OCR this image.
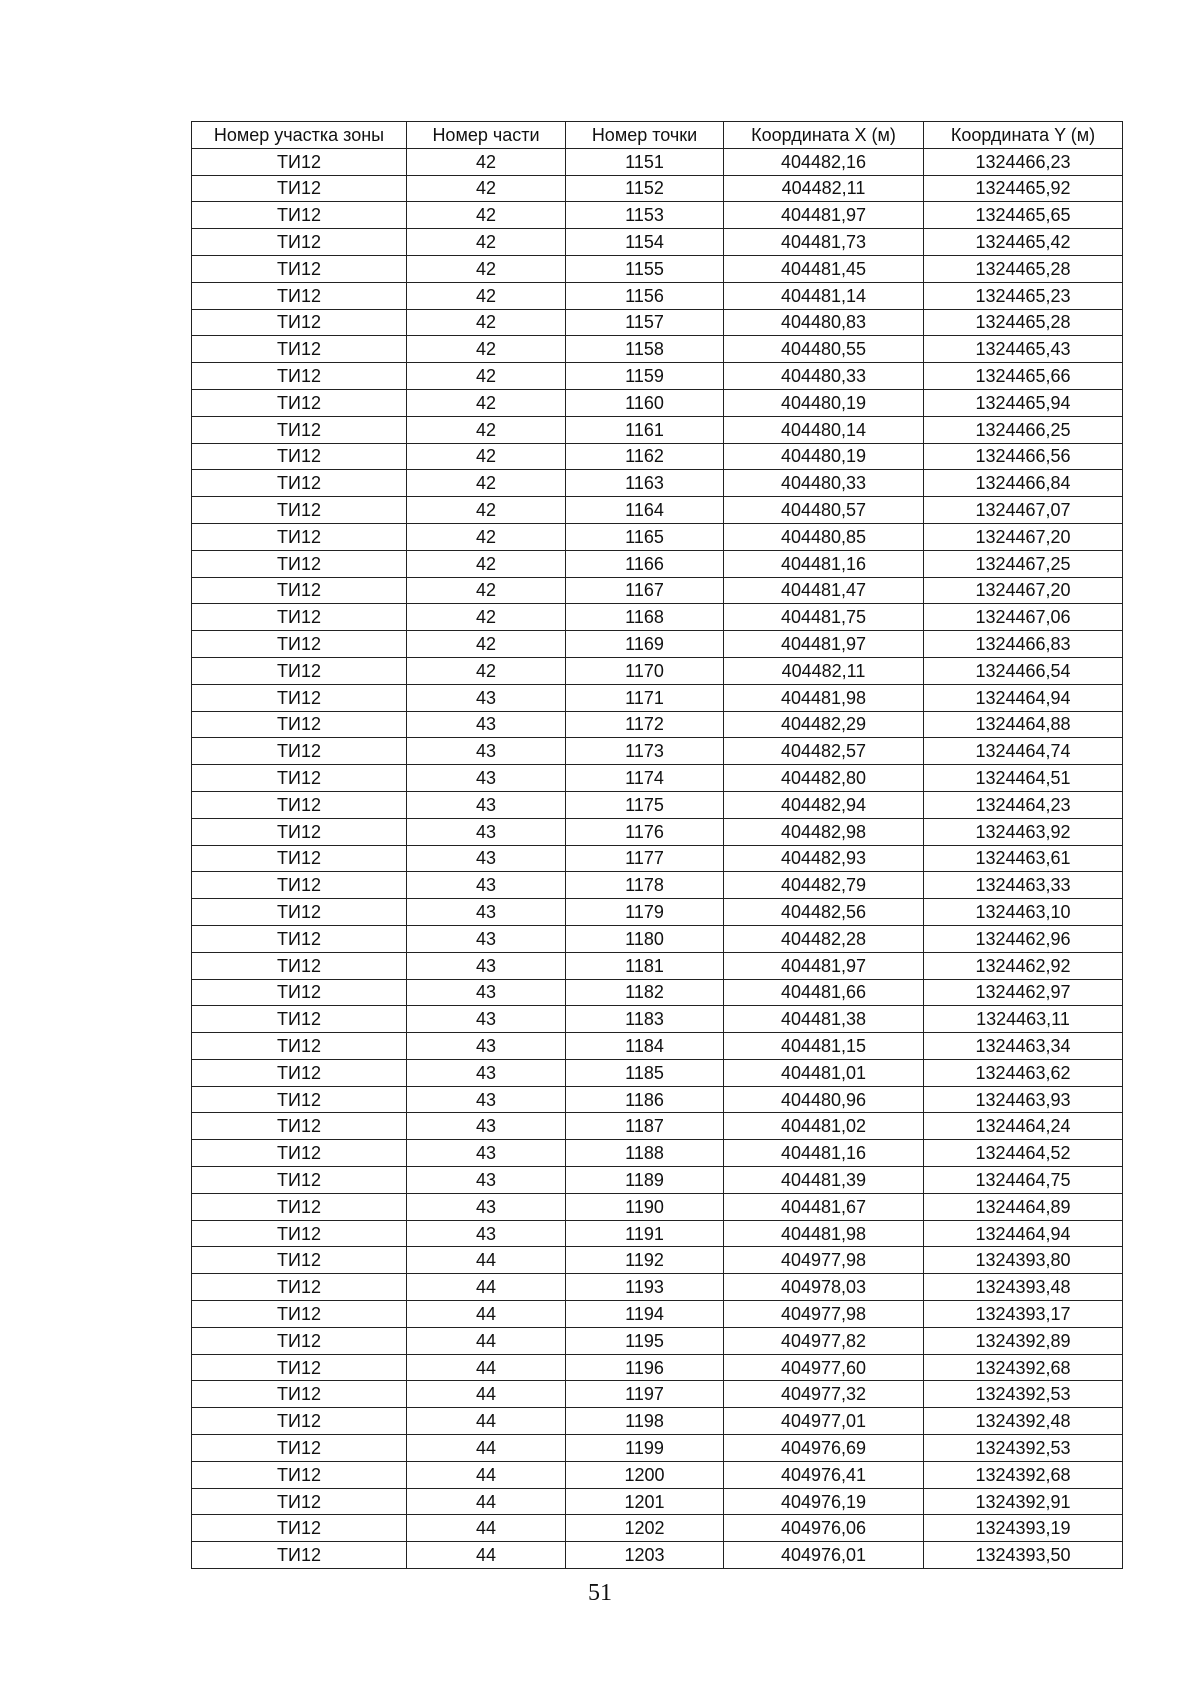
Номер участка зоны	Номер части	Номер точки	Координата X (м)	Координата Y (м)
ТИ12	42	1151	404482,16	1324466,23
ТИ12	42	1152	404482,11	1324465,92
ТИ12	42	1153	404481,97	1324465,65
ТИ12	42	1154	404481,73	1324465,42
ТИ12	42	1155	404481,45	1324465,28
ТИ12	42	1156	404481,14	1324465,23
ТИ12	42	1157	404480,83	1324465,28
ТИ12	42	1158	404480,55	1324465,43
ТИ12	42	1159	404480,33	1324465,66
ТИ12	42	1160	404480,19	1324465,94
ТИ12	42	1161	404480,14	1324466,25
ТИ12	42	1162	404480,19	1324466,56
ТИ12	42	1163	404480,33	1324466,84
ТИ12	42	1164	404480,57	1324467,07
ТИ12	42	1165	404480,85	1324467,20
ТИ12	42	1166	404481,16	1324467,25
ТИ12	42	1167	404481,47	1324467,20
ТИ12	42	1168	404481,75	1324467,06
ТИ12	42	1169	404481,97	1324466,83
ТИ12	42	1170	404482,11	1324466,54
ТИ12	43	1171	404481,98	1324464,94
ТИ12	43	1172	404482,29	1324464,88
ТИ12	43	1173	404482,57	1324464,74
ТИ12	43	1174	404482,80	1324464,51
ТИ12	43	1175	404482,94	1324464,23
ТИ12	43	1176	404482,98	1324463,92
ТИ12	43	1177	404482,93	1324463,61
ТИ12	43	1178	404482,79	1324463,33
ТИ12	43	1179	404482,56	1324463,10
ТИ12	43	1180	404482,28	1324462,96
ТИ12	43	1181	404481,97	1324462,92
ТИ12	43	1182	404481,66	1324462,97
ТИ12	43	1183	404481,38	1324463,11
ТИ12	43	1184	404481,15	1324463,34
ТИ12	43	1185	404481,01	1324463,62
ТИ12	43	1186	404480,96	1324463,93
ТИ12	43	1187	404481,02	1324464,24
ТИ12	43	1188	404481,16	1324464,52
ТИ12	43	1189	404481,39	1324464,75
ТИ12	43	1190	404481,67	1324464,89
ТИ12	43	1191	404481,98	1324464,94
ТИ12	44	1192	404977,98	1324393,80
ТИ12	44	1193	404978,03	1324393,48
ТИ12	44	1194	404977,98	1324393,17
ТИ12	44	1195	404977,82	1324392,89
ТИ12	44	1196	404977,60	1324392,68
ТИ12	44	1197	404977,32	1324392,53
ТИ12	44	1198	404977,01	1324392,48
ТИ12	44	1199	404976,69	1324392,53
ТИ12	44	1200	404976,41	1324392,68
ТИ12	44	1201	404976,19	1324392,91
ТИ12	44	1202	404976,06	1324393,19
ТИ12	44	1203	404976,01	1324393,50
51
